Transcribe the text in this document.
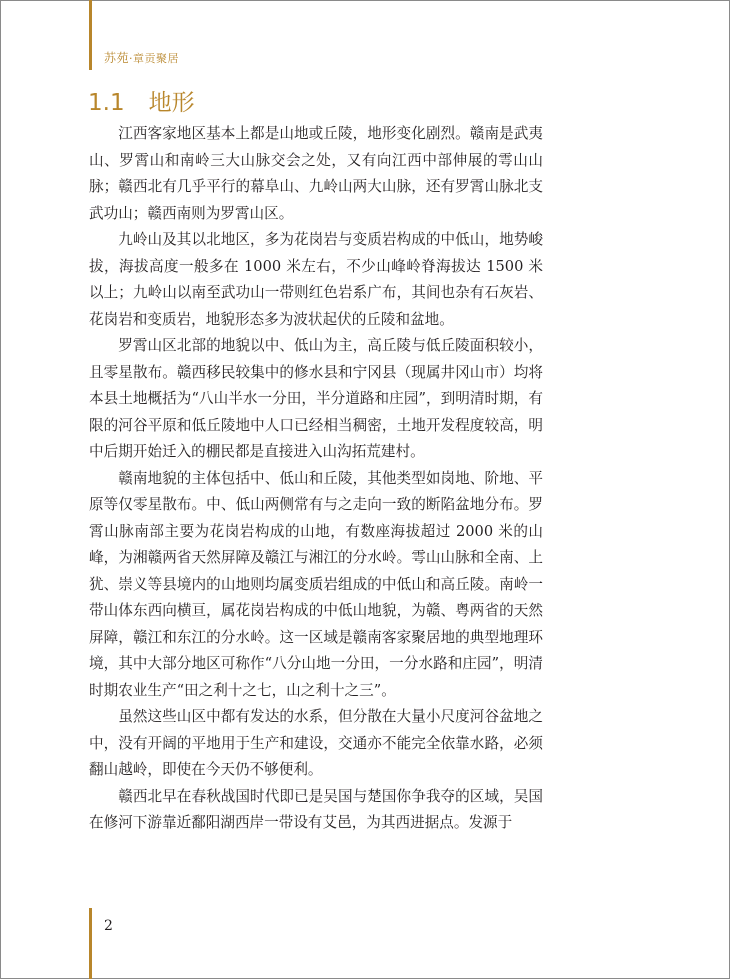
苏苑·章贡聚居
1.1 地形

江西客家地区基本上都是山地或丘陵，地形变化剧烈。赣南是武夷山、罗霄山和南岭三大山脉交会之处，又有向江西中部伸展的雩山山脉；赣西北有几乎平行的幕阜山、九岭山两大山脉，还有罗霄山脉北支武功山；赣西南则为罗霄山区。

九岭山及其以北地区，多为花岗岩与变质岩构成的中低山，地势峻拔，海拔高度一般多在 1000 米左右，不少山峰岭脊海拔达 1500 米以上；九岭山以南至武功山一带则红色岩系广布，其间也杂有石灰岩、花岗岩和变质岩，地貌形态多为波状起伏的丘陵和盆地。

罗霄山区北部的地貌以中、低山为主，高丘陵与低丘陵面积较小，且零星散布。赣西移民较集中的修水县和宁冈县（现属井冈山市）均将本县土地概括为“八山半水一分田，半分道路和庄园”，到明清时期，有限的河谷平原和低丘陵地中人口已经相当稠密，土地开发程度较高，明中后期开始迁入的棚民都是直接进入山沟拓荒建村。

赣南地貌的主体包括中、低山和丘陵，其他类型如岗地、阶地、平原等仅零星散布。中、低山两侧常有与之走向一致的断陷盆地分布。罗霄山脉南部主要为花岗岩构成的山地，有数座海拔超过 2000 米的山峰，为湘赣两省天然屏障及赣江与湘江的分水岭。雩山山脉和全南、上犹、崇义等县境内的山地则均属变质岩组成的中低山和高丘陵。南岭一带山体东西向横亘，属花岗岩构成的中低山地貌，为赣、粤两省的天然屏障，赣江和东江的分水岭。这一区域是赣南客家聚居地的典型地理环境，其中大部分地区可称作“八分山地一分田，一分水路和庄园”，明清时期农业生产“田之利十之七，山之利十之三”。

虽然这些山区中都有发达的水系，但分散在大量小尺度河谷盆地之中，没有开阔的平地用于生产和建设，交通亦不能完全依靠水路，必须翻山越岭，即使在今天仍不够便利。

赣西北早在春秋战国时代即已是吴国与楚国你争我夺的区域，吴国在修河下游靠近鄱阳湖西岸一带设有艾邑，为其西进据点。发源于

2
